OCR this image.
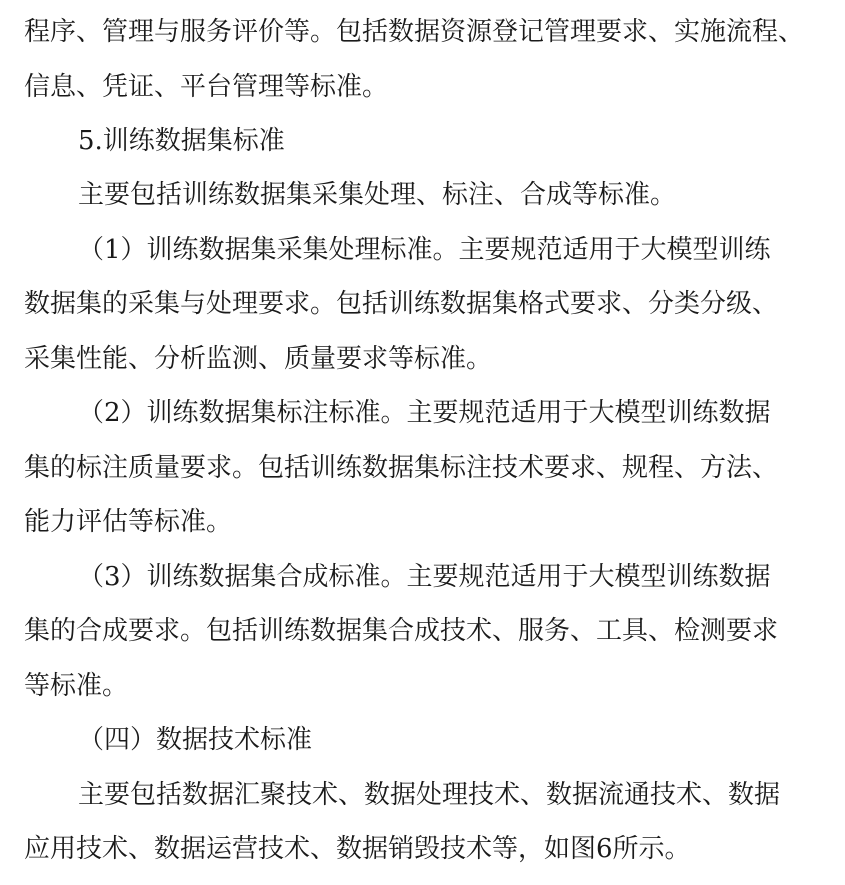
程序、管理与服务评价等。包括数据资源登记管理要求、实施流程、
信息、凭证、平台管理等标准。
5.训练数据集标准
主要包括训练数据集采集处理、标注、合成等标准。
（1）训练数据集采集处理标准。主要规范适用于大模型训练
数据集的采集与处理要求。包括训练数据集格式要求、分类分级、
采集性能、分析监测、质量要求等标准。
（2）训练数据集标注标准。主要规范适用于大模型训练数据
集的标注质量要求。包括训练数据集标注技术要求、规程、方法、
能力评估等标准。
（3）训练数据集合成标准。主要规范适用于大模型训练数据
集的合成要求。包括训练数据集合成技术、服务、工具、检测要求
等标准。
（四）数据技术标准
主要包括数据汇聚技术、数据处理技术、数据流通技术、数据
应用技术、数据运营技术、数据销毁技术等，如图6所示。
